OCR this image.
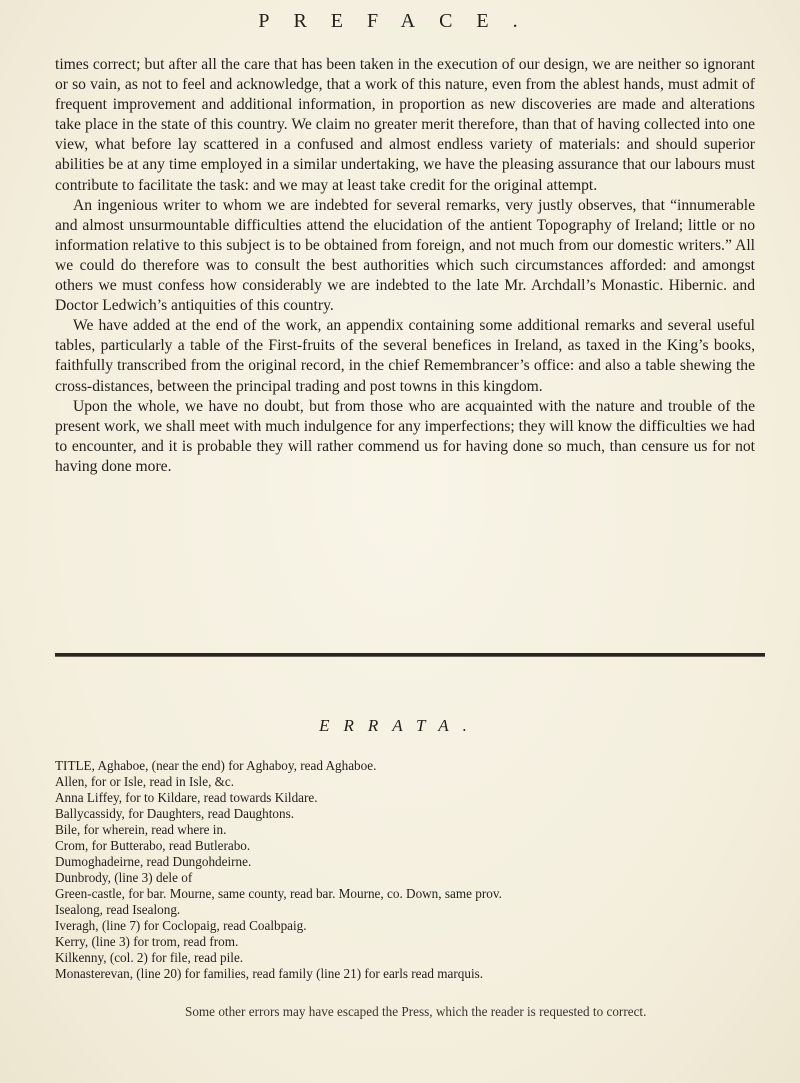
PREFACE.

times correct; but after all the care that has been taken in the execution of our design, we are neither so ignorant or so vain, as not to feel and acknowledge, that a work of this nature, even from the ablest hands, must admit of frequent improvement and additional information, in proportion as new discoveries are made and alterations take place in the state of this country. We claim no greater merit therefore, than that of having collected into one view, what before lay scattered in a confused and almost endless variety of materials: and should superior abilities be at any time employed in a similar undertaking, we have the pleasing assurance that our labours must contribute to facilitate the task: and we may at least take credit for the original attempt.

An ingenious writer to whom we are indebted for several remarks, very justly observes, that “innumerable and almost unsurmountable difficulties attend the elucidation of the antient Topography of Ireland; little or no information relative to this subject is to be obtained from foreign, and not much from our domestic writers.” All we could do therefore was to consult the best authorities which such circumstances afforded: and amongst others we must confess how considerably we are indebted to the late Mr. Archdall’s Monastic. Hibernic. and Doctor Ledwich’s antiquities of this country.

We have added at the end of the work, an appendix containing some additional remarks and several useful tables, particularly a table of the First-fruits of the several benefices in Ireland, as taxed in the King’s books, faithfully transcribed from the original record, in the chief Remembrancer’s office: and also a table shewing the cross-distances, between the principal trading and post towns in this kingdom.

Upon the whole, we have no doubt, but from those who are acquainted with the nature and trouble of the present work, we shall meet with much indulgence for any imperfections; they will know the difficulties we had to encounter, and it is probable they will rather commend us for having done so much, than censure us for not having done more.

ERRATA.
TITLE, Aghaboe, (near the end) for Aghaboy, read Aghaboe.
Allen, for or Isle, read in Isle, &c.
Anna Liffey, for to Kildare, read towards Kildare.
Ballycassidy, for Daughters, read Daughtons.
Bile, for wherein, read where in.
Crom, for Butterabo, read Butlerabo.
Dumoghadeirne, read Dungohdeirne.
Dunbrody, (line 3) dele of
Green-castle, for bar. Mourne, same county, read bar. Mourne, co. Down, same prov.
Isealong, read Isealong.
Iveragh, (line 7) for Coclopaig, read Coalbpaig.
Kerry, (line 3) for trom, read from.
Kilkenny, (col. 2) for file, read pile.
Monasterevan, (line 20) for families, read family (line 21) for earls read marquis.
Some other errors may have escaped the Press, which the reader is requested to correct.
